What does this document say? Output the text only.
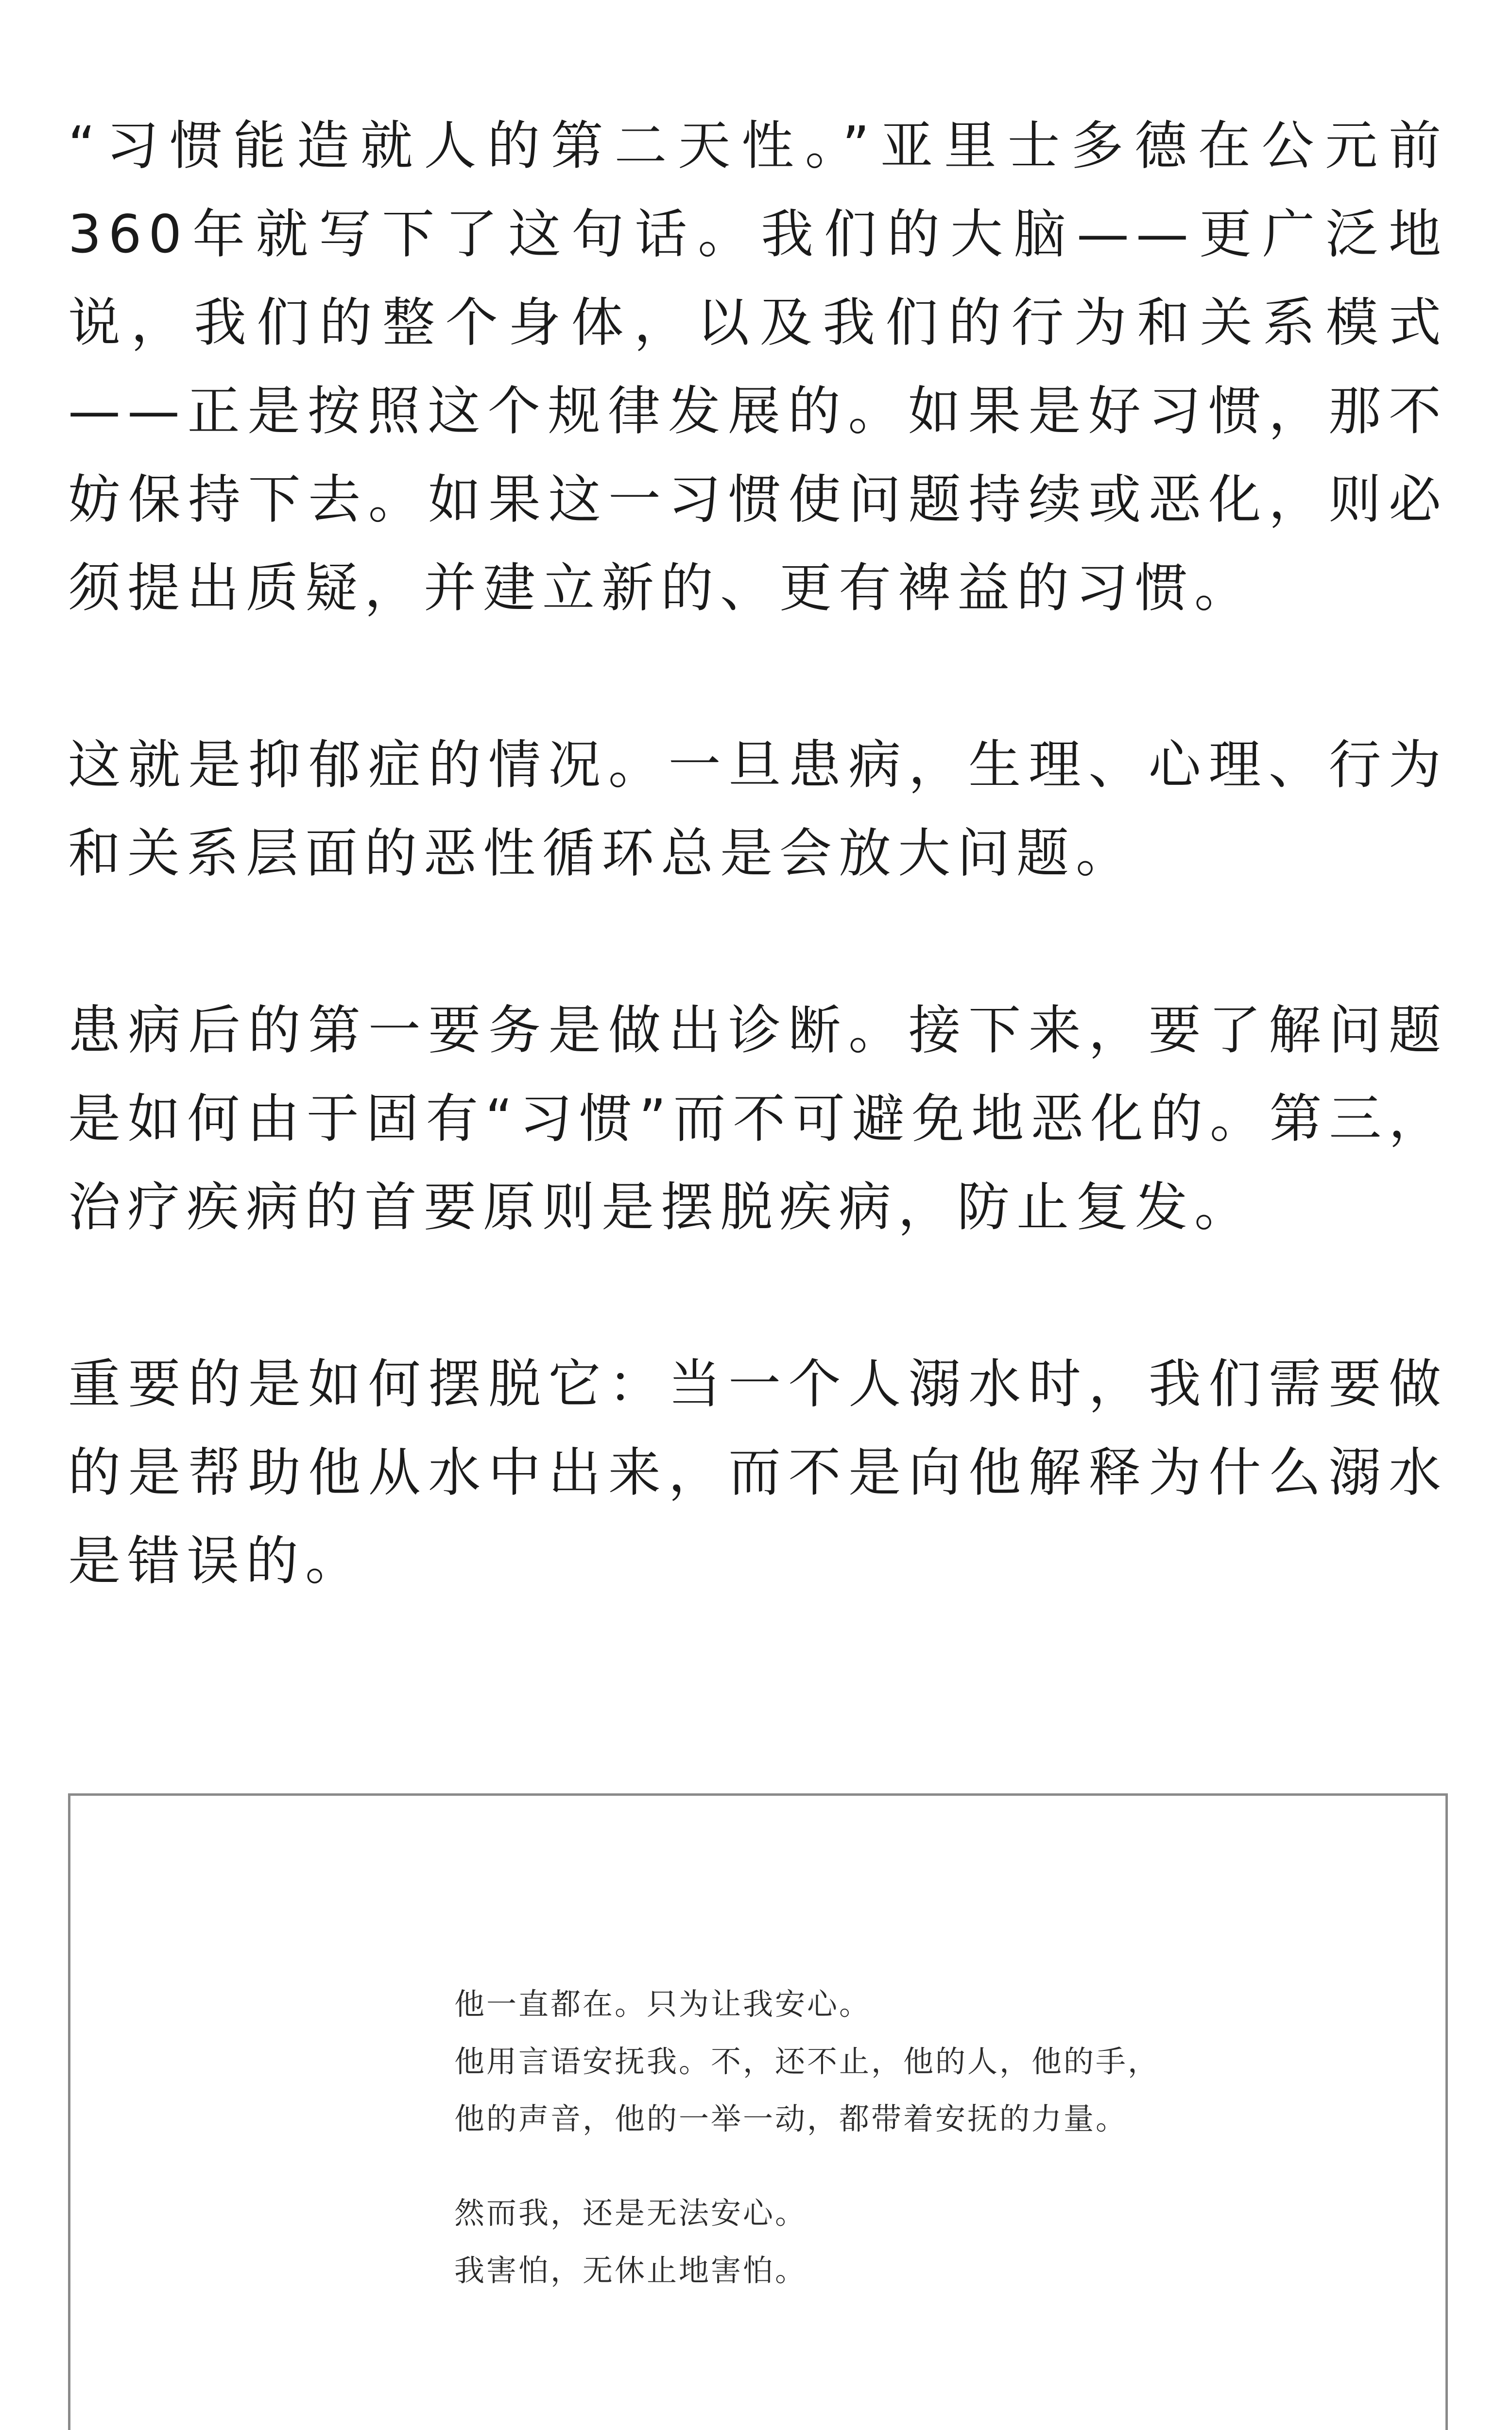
“习惯能造就人的第二天性。”亚里士多德在公元前360年就写下了这句话。我们的大脑——更广泛地说，我们的整个身体，以及我们的行为和关系模式——正是按照这个规律发展的。如果是好习惯，那不妨保持下去。如果这一习惯使问题持续或恶化，则必须提出质疑，并建立新的、更有裨益的习惯。

这就是抑郁症的情况。一旦患病，生理、心理、行为和关系层面的恶性循环总是会放大问题。

患病后的第一要务是做出诊断。接下来，要了解问题是如何由于固有“习惯”而不可避免地恶化的。第三，治疗疾病的首要原则是摆脱疾病，防止复发。

重要的是如何摆脱它：当一个人溺水时，我们需要做的是帮助他从水中出来，而不是向他解释为什么溺水是错误的。

他一直都在。只为让我安心。
他用言语安抚我。不，还不止，他的人，他的手，
他的声音，他的一举一动，都带着安抚的力量。
然而我，还是无法安心。
我害怕，无休止地害怕。
